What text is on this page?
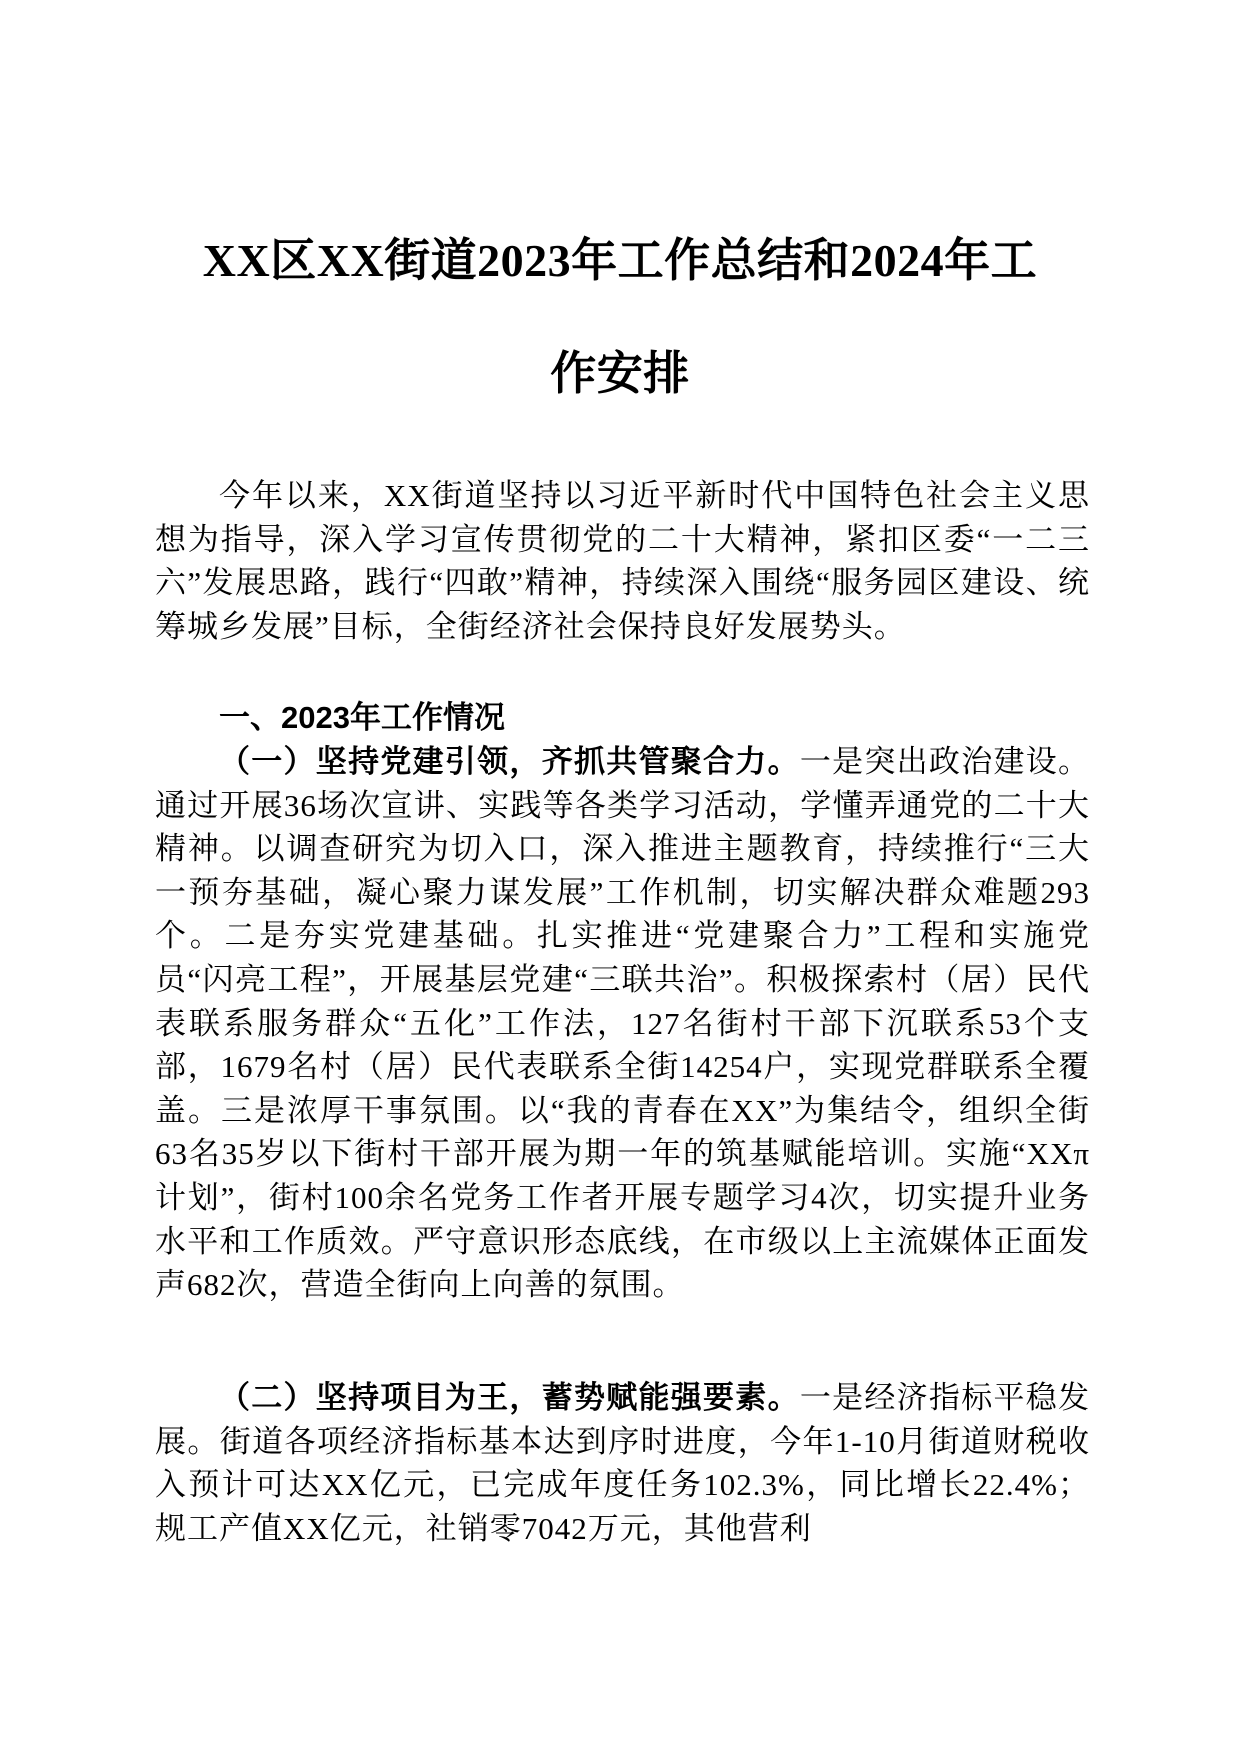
XX区XX街道2023年工作总结和2024年工
作安排
今年以来，XX街道坚持以习近平新时代中国特色社会主义思想为指导，深入学习宣传贯彻党的二十大精神，紧扣区委“一二三六”发展思路，践行“四敢”精神，持续深入围绕“服务园区建设、统筹城乡发展”目标，全街经济社会保持良好发展势头。
一、2023年工作情况
（一）坚持党建引领，齐抓共管聚合力。一是突出政治建设。通过开展36场次宣讲、实践等各类学习活动，学懂弄通党的二十大精神。以调查研究为切入口，深入推进主题教育，持续推行“三大一预夯基础，凝心聚力谋发展”工作机制，切实解决群众难题293个。二是夯实党建基础。扎实推进“党建聚合力”工程和实施党员“闪亮工程”，开展基层党建“三联共治”。积极探索村（居）民代表联系服务群众“五化”工作法，127名街村干部下沉联系53个支部，1679名村（居）民代表联系全街14254户，实现党群联系全覆盖。三是浓厚干事氛围。以“我的青春在XX”为集结令，组织全街63名35岁以下街村干部开展为期一年的筑基赋能培训。实施“XXπ计划”，街村100余名党务工作者开展专题学习4次，切实提升业务水平和工作质效。严守意识形态底线，在市级以上主流媒体正面发声682次，营造全街向上向善的氛围。
（二）坚持项目为王，蓄势赋能强要素。一是经济指标平稳发展。街道各项经济指标基本达到序时进度，今年1-10月街道财税收入预计可达XX亿元，已完成年度任务102.3%，同比增长22.4%；规工产值XX亿元，社销零7042万元，其他营利
